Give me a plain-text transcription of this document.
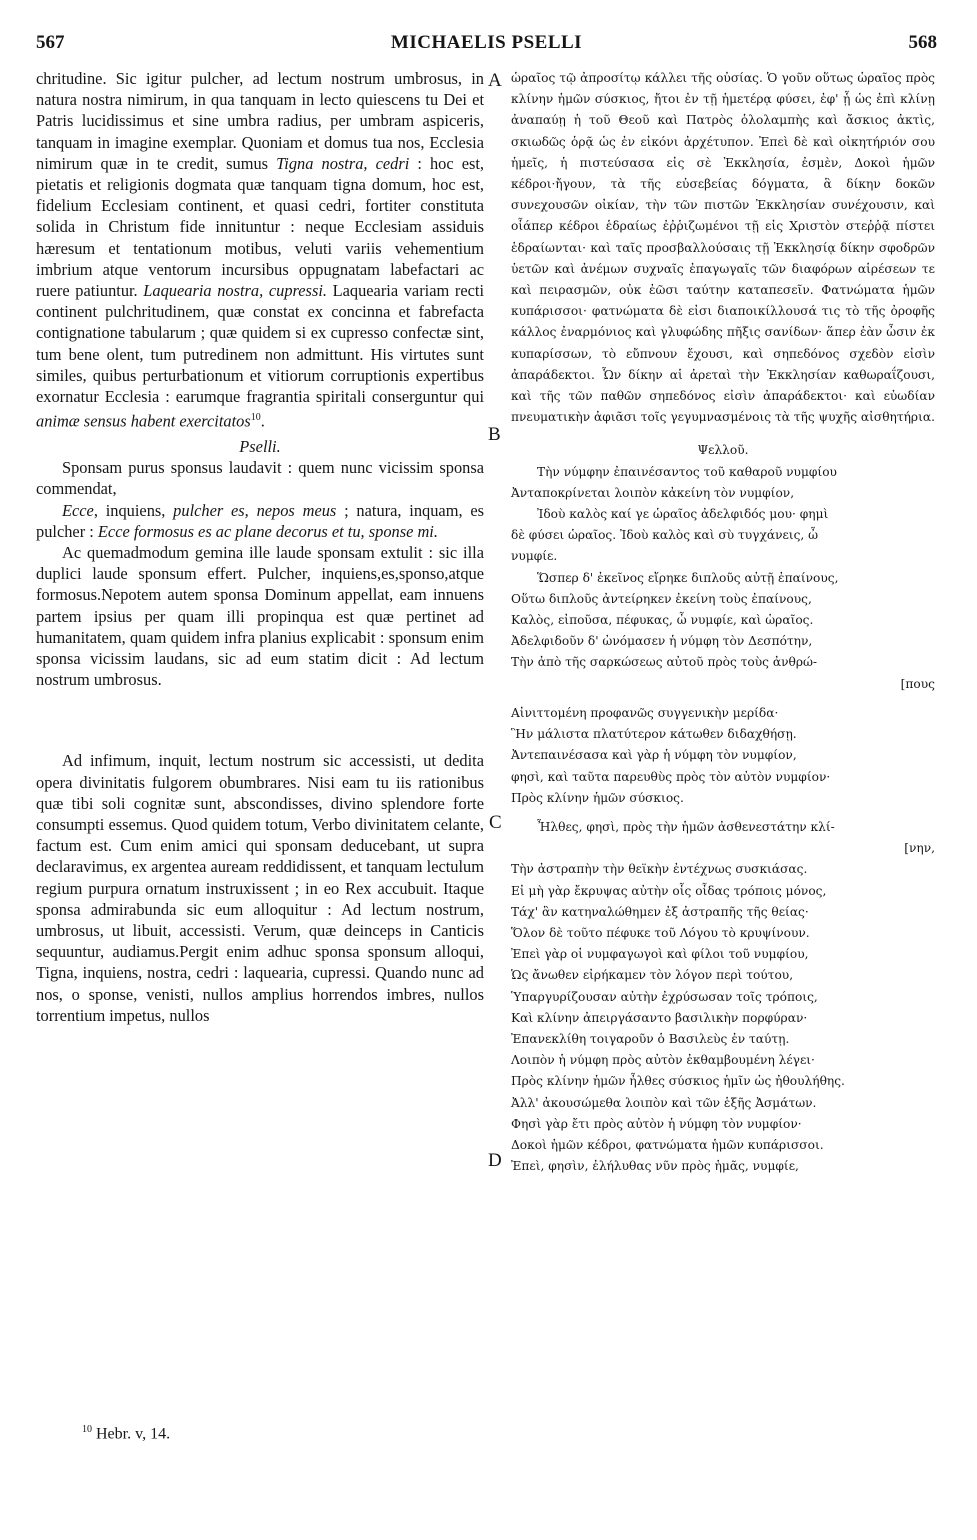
567	MICHAELIS PSELLI	568
A
B
C
D

chritudine. Sic igitur pulcher, ad lectum nostrum umbrosus, in natura nostra nimirum, in qua tanquam in lecto quiescens tu Dei et Patris lucidissimus et sine umbra radius, per umbram aspiceris, tanquam in imagine exemplar. Quoniam et domus tua nos, Ecclesia nimirum quæ in te credit, sumus Tigna nostra, cedri : hoc est, pietatis et religionis dogmata quæ tanquam tigna domum, hoc est, fidelium Ecclesiam continent, et quasi cedri, fortiter constituta solida in Christum fide innituntur : neque Ecclesiam assiduis hæresum et tentationum motibus, veluti variis vehementium imbrium atque ventorum incursibus oppugnatam labefactari ac ruere patiuntur. Laquearia nostra, cupressi. Laquearia variam recti continent pulchritudinem, quæ constat ex concinna et fabrefacta contignatione tabularum ; quæ quidem si ex cupresso confectæ sint, tum bene olent, tum putredinem non admittunt. His virtutes sunt similes, quibus perturbationum et vitiorum corruptionis expertibus exornatur Ecclesia : earumque fragrantia spiritali conserguntur qui animæ sensus habent exercitatos$^{10}$.

Pselli.

Sponsam purus sponsus laudavit : quem nunc vicissim sponsa commendat,

Ecce, inquiens, pulcher es, nepos meus ; natura, inquam, es pulcher : Ecce formosus es ac plane decorus et tu, sponse mi.

Ac quemadmodum gemina ille laude sponsam extulit : sic illa duplici laude sponsum effert. Pulcher, inquiens,es,sponso,atque formosus.Nepotem autem sponsa Dominum appellat, eam innuens partem ipsius per quam illi propinqua est quæ pertinet ad humanitatem, quam quidem infra planius explicabit : sponsum enim sponsa vicissim laudans, sic ad eum statim dicit : Ad lectum nostrum umbrosus.

Ad infimum, inquit, lectum nostrum sic accessisti, ut dedita opera divinitatis fulgorem obumbrares. Nisi eam tu iis rationibus quæ tibi soli cognitæ sunt, abscondisses, divino splendore forte consumpti essemus. Quod quidem totum, Verbo divinitatem celante, factum est. Cum enim amici qui sponsam deducebant, ut supra declaravimus, ex argentea auream reddidissent, et tanquam lectulum regium purpura ornatum instruxissent ; in eo Rex accubuit. Itaque sponsa admirabunda sic eum alloquitur : Ad lectum nostrum, umbrosus, ut libuit, accessisti. Verum, quæ deinceps in Canticis sequuntur, audiamus.Pergit enim adhuc sponsa sponsum alloqui, Tigna, inquiens, nostra, cedri : laquearia, cupressi. Quando nunc ad nos, o sponse, venisti, nullos amplius horrendos imbres, nullos torrentium impetus, nullos

ὡραῖος τῷ ἀπροσίτῳ κάλλει τῆς οὐσίας. Ὁ γοῦν οὕτως ὡραῖος πρὸς κλίνην ἡμῶν σύσκιος, ἤτοι ἐν τῇ ἡμετέρᾳ φύσει, ἐφ' ᾗ ὡς ἐπὶ κλίνῃ ἀναπαύῃ ἡ τοῦ Θεοῦ καὶ Πατρὸς ὁλολαμπὴς καὶ ἄσκιος ἀκτὶς, σκιωδῶς ὁρᾷ ὡς ἐν εἰκόνι ἀρχέτυπον. Ἐπεὶ δὲ καὶ οἰκητήριόν σου ἡμεῖς, ἡ πιστεύσασα εἰς σὲ Ἐκκλησία, ἐσμὲν, Δοκοὶ ἡμῶν κέδροι·ἤγουν, τὰ τῆς εὐσεβείας δόγματα, ἃ δίκην δοκῶν συνεχουσῶν οἰκίαν, τὴν τῶν πιστῶν Ἐκκλησίαν συνέχουσιν, καὶ οἷάπερ κέδροι ἑδραίως ἐῤῥιζωμένοι τῇ εἰς Χριστὸν στεῤῥᾷ πίστει ἑδραίωνται· καὶ ταῖς προσβαλλούσαις τῇ Ἐκκλησίᾳ δίκην σφοδρῶν ὑετῶν καὶ ἀνέμων συχναῖς ἐπαγωγαῖς τῶν διαφόρων αἱρέσεων τε καὶ πειρασμῶν, οὐκ ἐῶσι ταύτην καταπεσεῖν. Φατνώματα ἡμῶν κυπάρισσοι· φατνώματα δὲ εἰσι διαποικίλλουσά τις τὸ τῆς ὀροφῆς κάλλος ἐναρμόνιος καὶ γλυφώδης πῆξις σανίδων· ἅπερ ἐὰν ὦσιν ἐκ κυπαρίσσων, τὸ εὔπνουν ἔχουσι, καὶ σηπεδόνος σχεδὸν εἰσὶν ἀπαράδεκτοι. Ὧν δίκην αἱ ἀρεταὶ τὴν Ἐκκλησίαν καθωραΐζουσι, καὶ τῆς τῶν παθῶν σηπεδόνος εἰσὶν ἀπαράδεκτοι· καὶ εὐωδίαν πνευματικὴν ἀφιᾶσι τοῖς γεγυμνασμένοις τὰ τῆς ψυχῆς αἰσθητήρια.

Ψελλοῦ.

Τὴν νύμφην ἐπαινέσαντος τοῦ καθαροῦ νυμφίου
Ἀνταποκρίνεται λοιπὸν κἀκείνη τὸν νυμφίον,
Ἰδοὺ καλὸς καί γε ὡραῖος ἀδελφιδός μου· φημὶ
δὲ φύσει ὡραῖος. Ἰδοὺ καλὸς καὶ σὺ τυγχάνεις, ὦ
νυμφίε.
Ὥσπερ δ' ἐκεῖνος εἴρηκε διπλοῦς αὐτῇ ἐπαίνους,
Οὕτω διπλοῦς ἀντείρηκεν ἐκείνη τοὺς ἐπαίνους,
Καλὸς, εἰποῦσα, πέφυκας, ὦ νυμφίε, καὶ ὡραῖος.
Ἀδελφιδοῦν δ' ὠνόμασεν ἡ νύμφη τὸν Δεσπότην,
Τὴν ἀπὸ τῆς σαρκώσεως αὐτοῦ πρὸς τοὺς ἀνθρώ-
[πους
Αἰνιττομένη προφανῶς συγγενικὴν μερίδα·
Ἣν μάλιστα πλατύτερον κάτωθεν διδαχθήσῃ.
Ἀντεπαινέσασα καὶ γὰρ ἡ νύμφη τὸν νυμφίον,
φησὶ, καὶ ταῦτα παρευθὺς πρὸς τὸν αὐτὸν νυμφίον·
Πρὸς κλίνην ἡμῶν σύσκιος.
Ἦλθες, φησὶ, πρὸς τὴν ἡμῶν ἀσθενεστάτην κλί-
[νην,
Τὴν ἀστραπὴν τὴν θεϊκὴν ἐντέχνως συσκιάσας.
Εἰ μὴ γὰρ ἔκρυψας αὐτὴν οἷς οἶδας τρόποις μόνος,
Τάχ' ἂν κατηναλώθημεν ἐξ ἀστραπῆς τῆς θείας·
Ὅλον δὲ τοῦτο πέφυκε τοῦ Λόγου τὸ κρυψίνουν.
Ἐπεὶ γὰρ οἱ νυμφαγωγοὶ καὶ φίλοι τοῦ νυμφίου,
Ὡς ἄνωθεν εἰρήκαμεν τὸν λόγον περὶ τούτου,
Ὑπαργυρίζουσαν αὐτὴν ἐχρύσωσαν τοῖς τρόποις,
Καὶ κλίνην ἀπειργάσαντο βασιλικὴν πορφύραν·
Ἐπανεκλίθη τοιγαροῦν ὁ Βασιλεὺς ἐν ταύτῃ.
Λοιπὸν ἡ νύμφη πρὸς αὐτὸν ἐκθαμβουμένη λέγει·
Πρὸς κλίνην ἡμῶν ἦλθες σύσκιος ἡμῖν ὡς ἠθουλήθης.
Ἀλλ' ἀκουσώμεθα λοιπὸν καὶ τῶν ἑξῆς Ἀσμάτων.
Φησὶ γὰρ ἔτι πρὸς αὐτὸν ἡ νύμφη τὸν νυμφίον·
Δοκοὶ ἡμῶν κέδροι, φατνώματα ἡμῶν κυπάρισσοι.
Ἐπεὶ, φησὶν, ἐλήλυθας νῦν πρὸς ἡμᾶς, νυμφίε,
$^{10}$ Hebr. v, 14.
